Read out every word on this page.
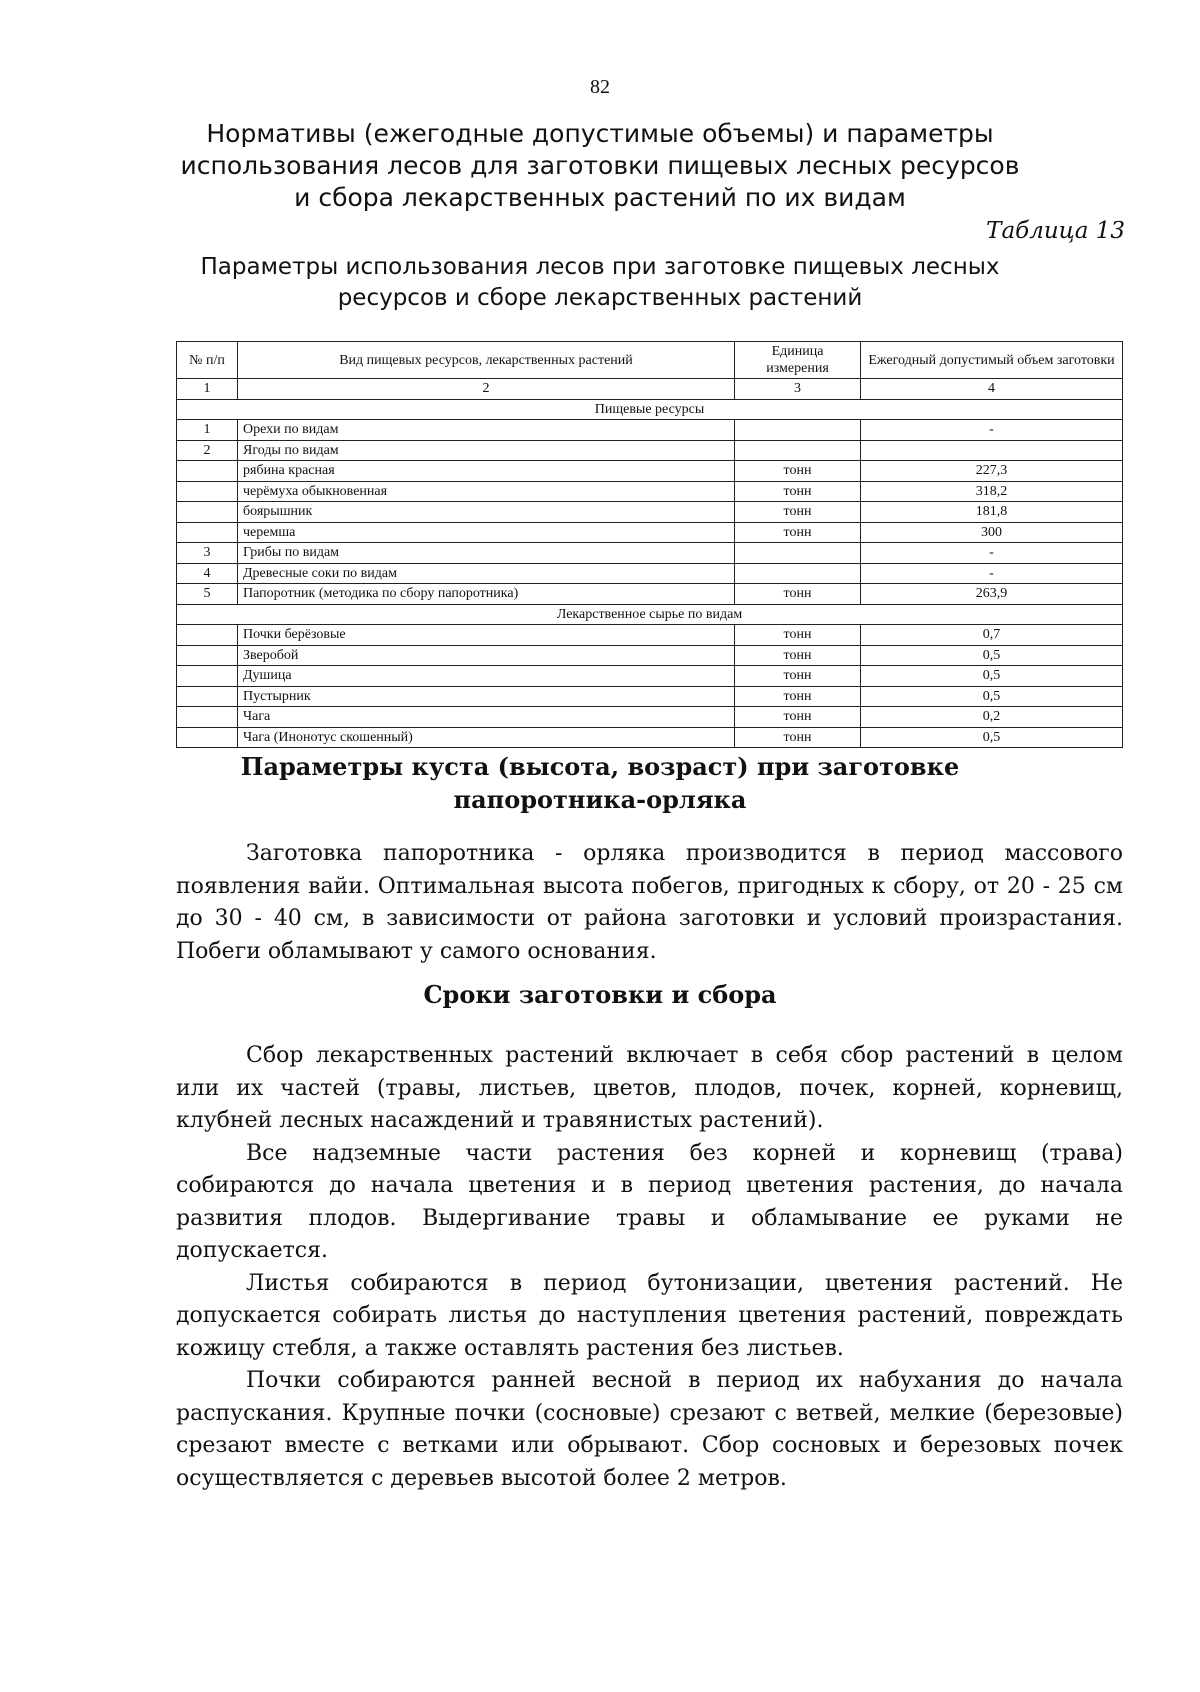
82
Нормативы (ежегодные допустимые объемы) и параметры использования лесов для заготовки пищевых лесных ресурсов и сбора лекарственных растений по их видам
Таблица 13
Параметры использования лесов при заготовке пищевых лесных ресурсов и сборе лекарственных растений
№ п/п	Вид пищевых ресурсов, лекарственных растений	Единица измерения	Ежегодный допустимый объем заготовки
1	2	3	4
Пищевые ресурсы			
1	Орехи по видам		-
2	Ягоды по видам		
	рябина красная	тонн	227,3
	черёмуха обыкновенная	тонн	318,2
	боярышник	тонн	181,8
	черемша	тонн	300
3	Грибы по видам		-
4	Древесные соки по видам		-
5	Папоротник (методика по сбору папоротника)	тонн	263,9
Лекарственное сырье по видам			
	Почки берёзовые	тонн	0,7
	Зверобой	тонн	0,5
	Душица	тонн	0,5
	Пустырник	тонн	0,5
	Чага	тонн	0,2
	Чага (Инонотус скошенный)	тонн	0,5
Параметры куста (высота, возраст) при заготовке папоротника-орляка

Заготовка папоротника - орляка производится в период массового появления вайи. Оптимальная высота побегов, пригодных к сбору, от 20 - 25 см до 30 - 40 см, в зависимости от района заготовки и условий произрастания. Побеги обламывают у самого основания.

Сроки заготовки и сбора

Сбор лекарственных растений включает в себя сбор растений в целом или их частей (травы, листьев, цветов, плодов, почек, корней, корневищ, клубней лесных насаждений и травянистых растений).

Все надземные части растения без корней и корневищ (трава) собираются до начала цветения и в период цветения растения, до начала развития плодов. Выдергивание травы и обламывание ее руками не допускается.

Листья собираются в период бутонизации, цветения растений. Не допускается собирать листья до наступления цветения растений, повреждать кожицу стебля, а также оставлять растения без листьев.

Почки собираются ранней весной в период их набухания до начала распускания. Крупные почки (сосновые) срезают с ветвей, мелкие (березовые) срезают вместе с ветками или обрывают. Сбор сосновых и березовых почек осуществляется с деревьев высотой более 2 метров.
